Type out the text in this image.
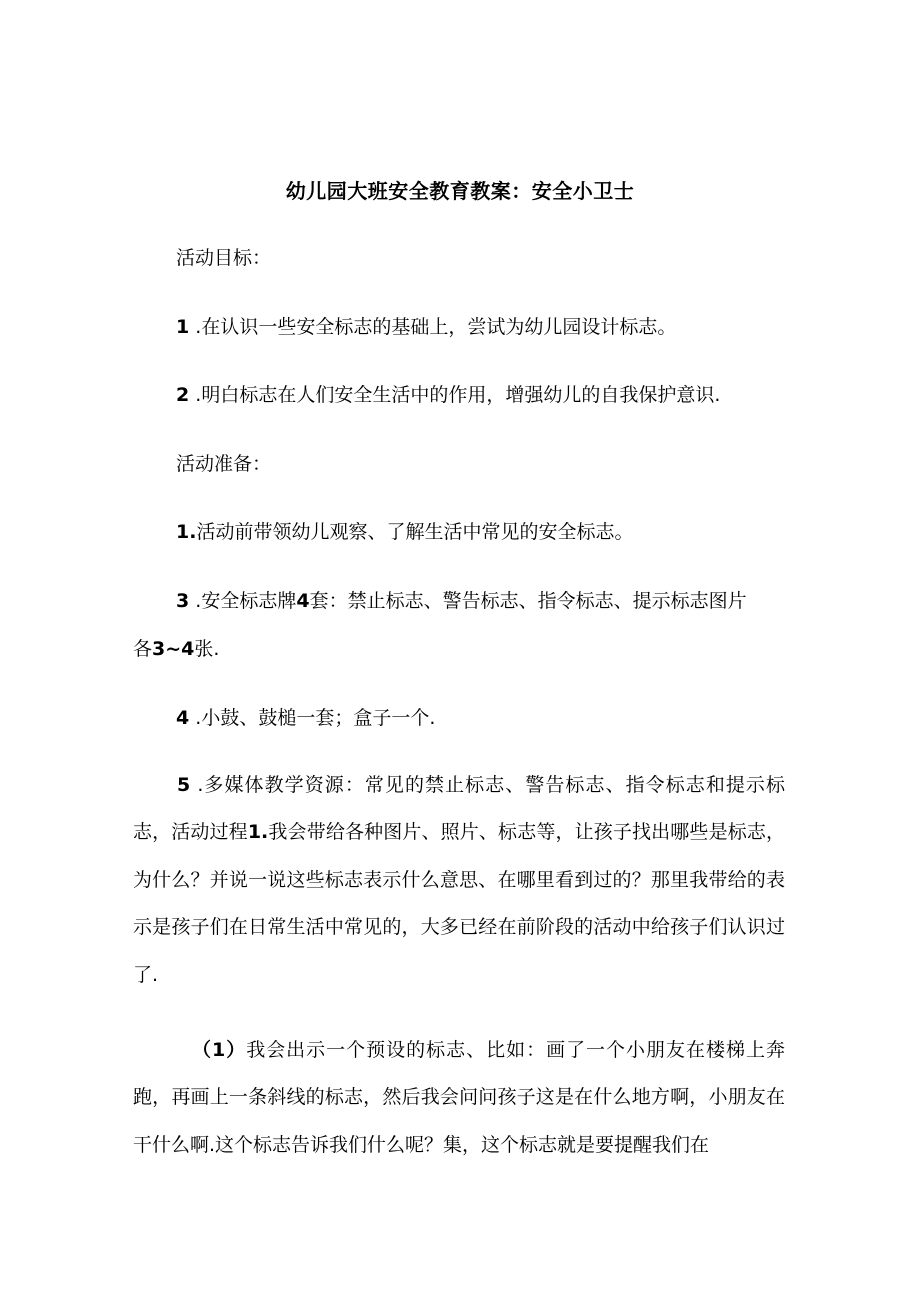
幼儿园大班安全教育教案：安全小卫士
活动目标：
1 .在认识一些安全标志的基础上，尝试为幼儿园设计标志。
2 .明白标志在人们安全生活中的作用，增强幼儿的自我保护意识.
活动准备：
1.活动前带领幼儿观察、了解生活中常见的安全标志。
3 .安全标志牌4套：禁止标志、警告标志、指令标志、提示标志图片
各3~4张.
4 .小鼓、鼓槌一套；盒子一个.
5 .多媒体教学资源：常见的禁止标志、警告标志、指令标志和提示标志，活动过程1.我会带给各种图片、照片、标志等，让孩子找出哪些是标志，为什么？并说一说这些标志表示什么意思、在哪里看到过的？那里我带给的表示是孩子们在日常生活中常见的，大多已经在前阶段的活动中给孩子们认识过了.
（1）我会出示一个预设的标志、比如：画了一个小朋友在楼梯上奔跑，再画上一条斜线的标志，然后我会问问孩子这是在什么地方啊，小朋友在干什么啊.这个标志告诉我们什么呢？集，这个标志就是要提醒我们在
